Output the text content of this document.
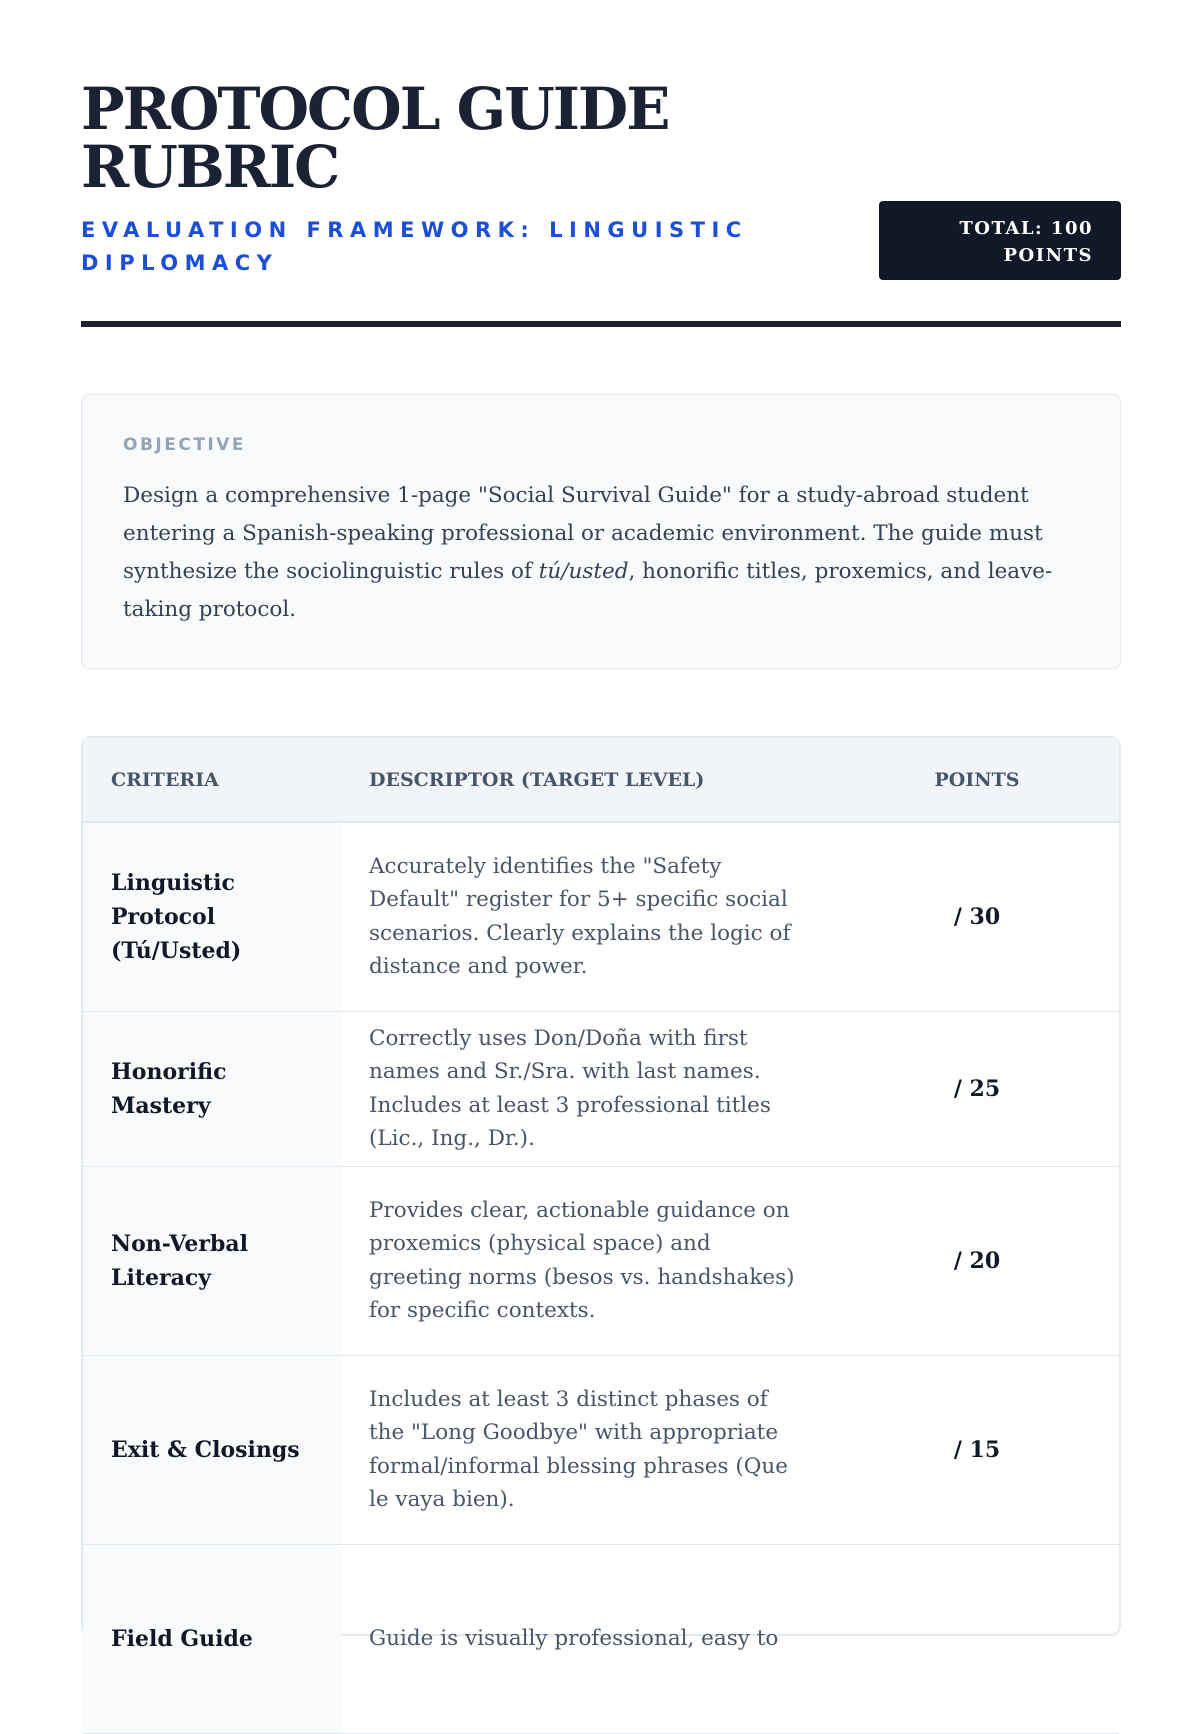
PROTOCOL GUIDE RUBRIC
EVALUATION FRAMEWORK: LINGUISTIC DIPLOMACY
TOTAL: 100 POINTS
OBJECTIVE

Design a comprehensive 1-page "Social Survival Guide" for a study-abroad student entering a Spanish-speaking professional or academic environment. The guide must synthesize the sociolinguistic rules of tú/usted, honorific titles, proxemics, and leave-taking protocol.

CRITERIA	DESCRIPTOR (TARGET LEVEL)	POINTS
Linguistic Protocol (Tú/Usted)	Accurately identifies the "Safety Default" register for 5+ specific social scenarios. Clearly explains the logic of distance and power.	/ 30
Honorific Mastery	Correctly uses Don/Doña with first names and Sr./Sra. with last names. Includes at least 3 professional titles (Lic., Ing., Dr.).	/ 25
Non-Verbal Literacy	Provides clear, actionable guidance on proxemics (physical space) and greeting norms (besos vs. handshakes) for specific contexts.	/ 20
Exit & Closings	Includes at least 3 distinct phases of the "Long Goodbye" with appropriate formal/informal blessing phrases (Que le vaya bien).	/ 15
Field Guide	Guide is visually professional, easy to	
